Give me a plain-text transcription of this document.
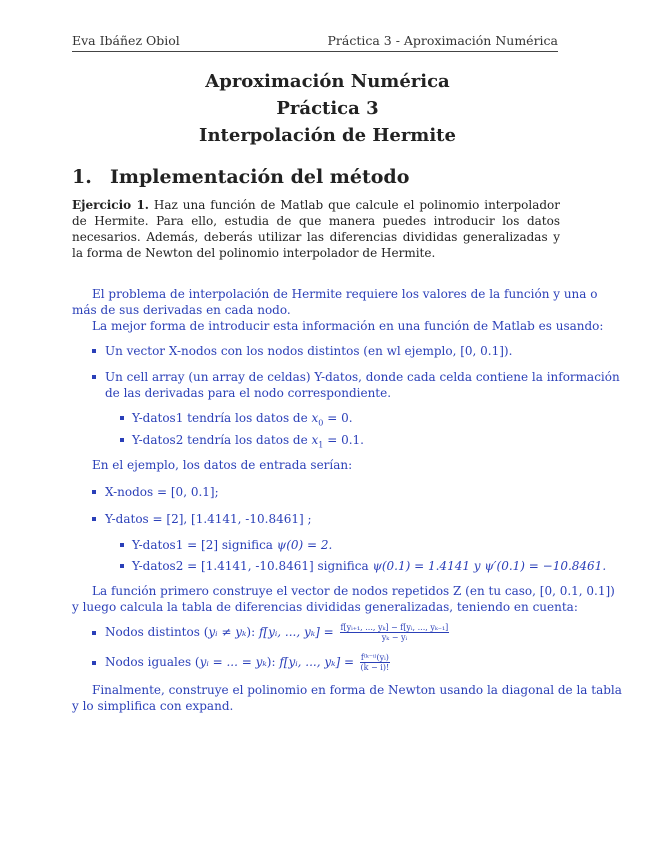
Eva Ibáñez Obiol	Práctica 3 - Aproximación Numérica
Aproximación Numérica
Práctica 3
Interpolación de Hermite
1. Implementación del método
Ejercicio 1. Haz una función de Matlab que calcule el polinomio interpolador de Hermite. Para ello, estudia de que manera puedes introducir los datos necesarios. Además, deberás utilizar las diferencias divididas generalizadas y la forma de Newton del polinomio interpolador de Hermite.
El problema de interpolación de Hermite requiere los valores de la función y una o
más de sus derivadas en cada nodo.
La mejor forma de introducir esta información en una función de Matlab es usando:
Un vector X-nodos con los nodos distintos (en wl ejemplo, [0, 0.1]).
Un cell array (un array de celdas) Y-datos, donde cada celda contiene la información
de las derivadas para el nodo correspondiente.
Y-datos1 tendría los datos de $x_0 = 0$.
Y-datos2 tendría los datos de $x_1 = 0.1$.
En el ejemplo, los datos de entrada serían:
X-nodos = [0, 0.1];
Y-datos = [2], [1.4141, -10.8461] ;
Y-datos1 = [2] significa ψ(0) = 2.
Y-datos2 = [1.4141, -10.8461] significa ψ(0.1) = 1.4141 y ψ′(0.1) = −10.8461.
La función primero construye el vector de nodos repetidos Z (en tu caso, [0, 0.1, 0.1])
y luego calcula la tabla de diferencias divididas generalizadas, teniendo en cuenta:
Nodos distintos (yᵢ ≠ yₖ): f[yᵢ, ..., $y_k] = \frac{\text{f[yᵢ₊₁, ..., yₖ] − f[yᵢ, ..., yₖ₋₁]}}{\text{yₖ − yᵢ}}$
Nodos iguales (yᵢ = ... = yₖ): f[yᵢ, ..., $y_k] = \frac{\text{f⁽ᵏ⁻ⁱ⁾(yᵢ)}}{(k - i)!}$
Finalmente, construye el polinomio en forma de Newton usando la diagonal de la tabla
y lo simplifica con expand.
